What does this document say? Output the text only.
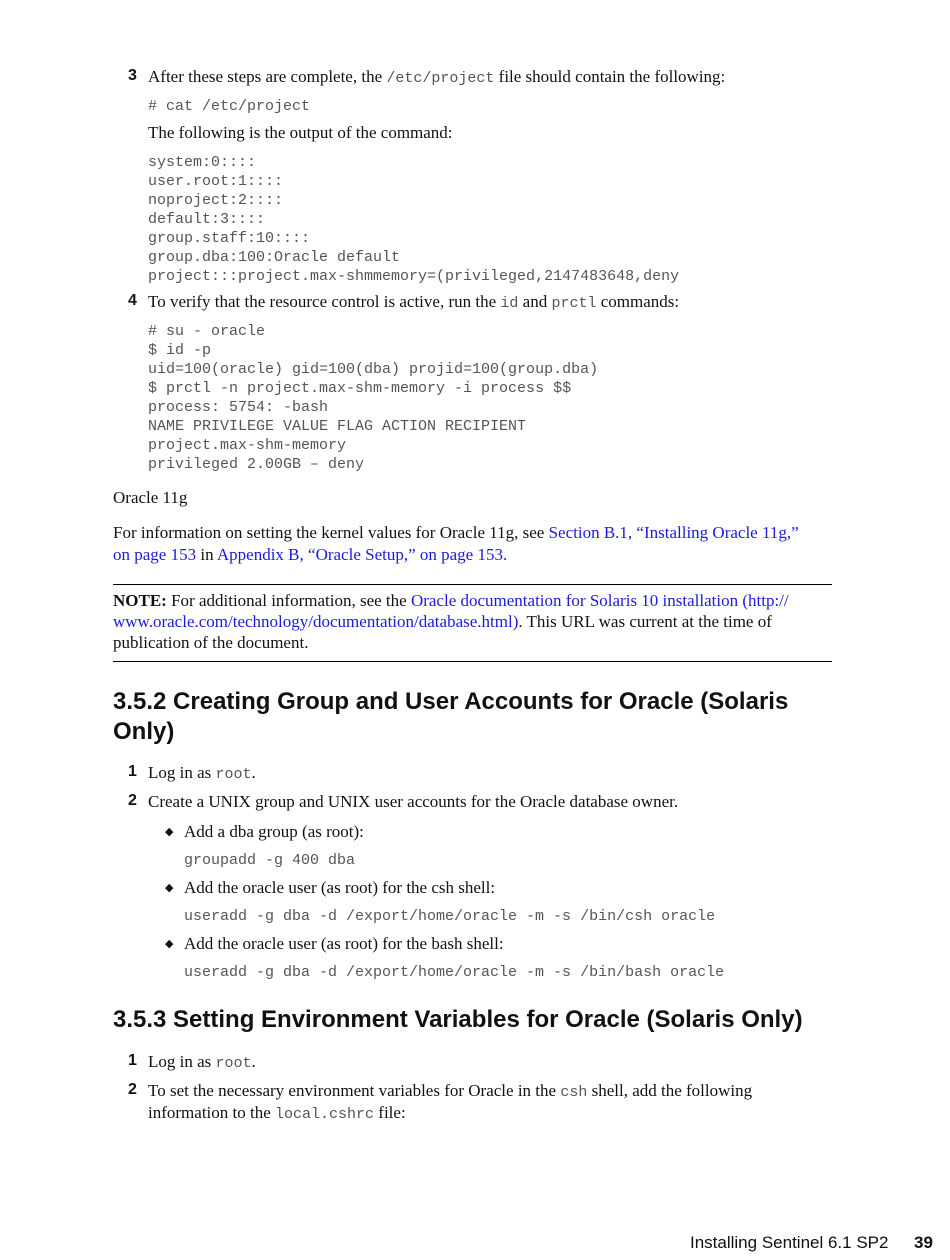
3 After these steps are complete, the /etc/project file should contain the following:
# cat /etc/project
The following is the output of the command:
system:0::::
user.root:1::::
noproject:2::::
default:3::::
group.staff:10::::
group.dba:100:Oracle default
project:::project.max-shmmemory=(privileged,2147483648,deny
4 To verify that the resource control is active, run the id and prctl commands:
# su - oracle
$ id -p
uid=100(oracle) gid=100(dba) projid=100(group.dba)
$ prctl -n project.max-shm-memory -i process $$
process: 5754: -bash
NAME PRIVILEGE VALUE FLAG ACTION RECIPIENT
project.max-shm-memory
privileged 2.00GB – deny
Oracle 11g
For information on setting the kernel values for Oracle 11g, see Section B.1, “Installing Oracle 11g,”
on page 153 in Appendix B, “Oracle Setup,” on page 153.
NOTE: For additional information, see the Oracle documentation for Solaris 10 installation (http://
www.oracle.com/technology/documentation/database.html). This URL was current at the time of
publication of the document.
3.5.2 Creating Group and User Accounts for Oracle (Solaris
Only)
1 Log in as root.
2 Create a UNIX group and UNIX user accounts for the Oracle database owner.
◆ Add a dba group (as root):
groupadd -g 400 dba
◆ Add the oracle user (as root) for the csh shell:
useradd -g dba -d /export/home/oracle -m -s /bin/csh oracle
◆ Add the oracle user (as root) for the bash shell:
useradd -g dba -d /export/home/oracle -m -s /bin/bash oracle
3.5.3 Setting Environment Variables for Oracle (Solaris Only)
1 Log in as root.
2 To set the necessary environment variables for Oracle in the csh shell, add the following
information to the local.cshrc file:
Installing Sentinel 6.1 SP2 39
